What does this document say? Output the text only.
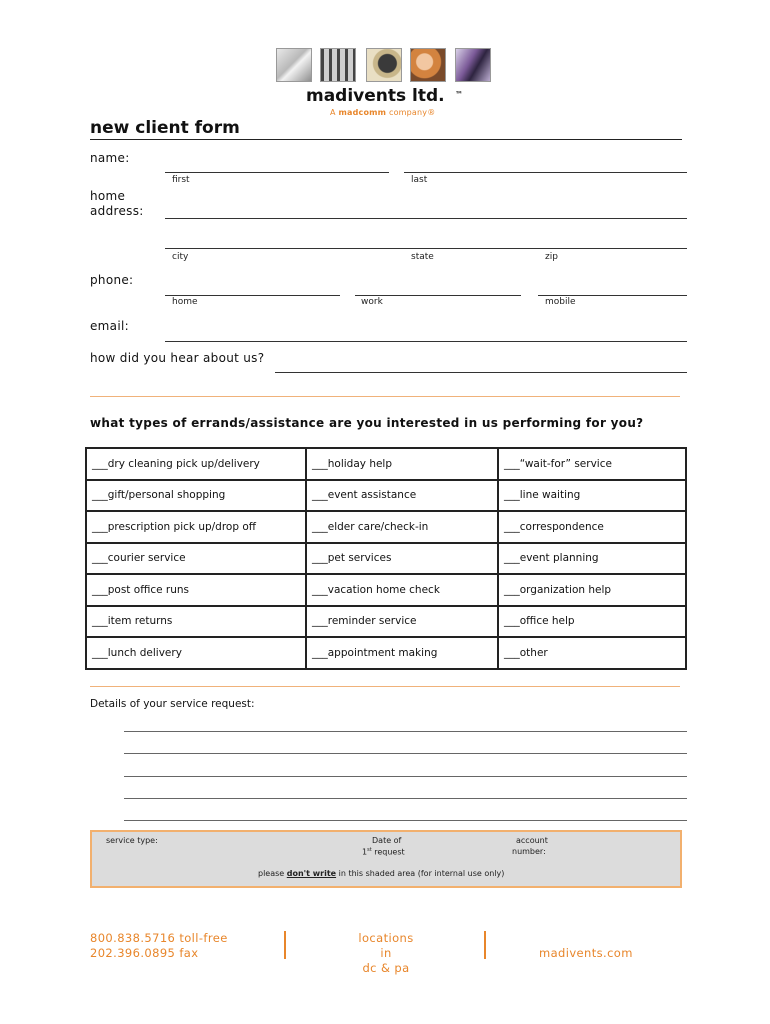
madivents ltd. ™
A madcomm company®
new client form
name:
first	last
home
address:
city	state	zip
phone:
home	work	mobile
email:
how did you hear about us?
what types of errands/assistance are you interested in us performing for you?
___dry cleaning pick up/delivery	___holiday help	___“wait-for” service
___gift/personal shopping	___event assistance	___line waiting
___prescription pick up/drop off	___elder care/check-in	___correspondence
___courier service	___pet services	___event planning
___post office runs	___vacation home check	___organization help
___item returns	___reminder service	___office help
___lunch delivery	___appointment making	___other
Details of your service request:
service type:	Date of
1st request
account
number:
please don't write in this shaded area (for internal use only)
800.838.5716 toll-free
202.396.0895 fax
locations in
dc & pa
madivents.com
